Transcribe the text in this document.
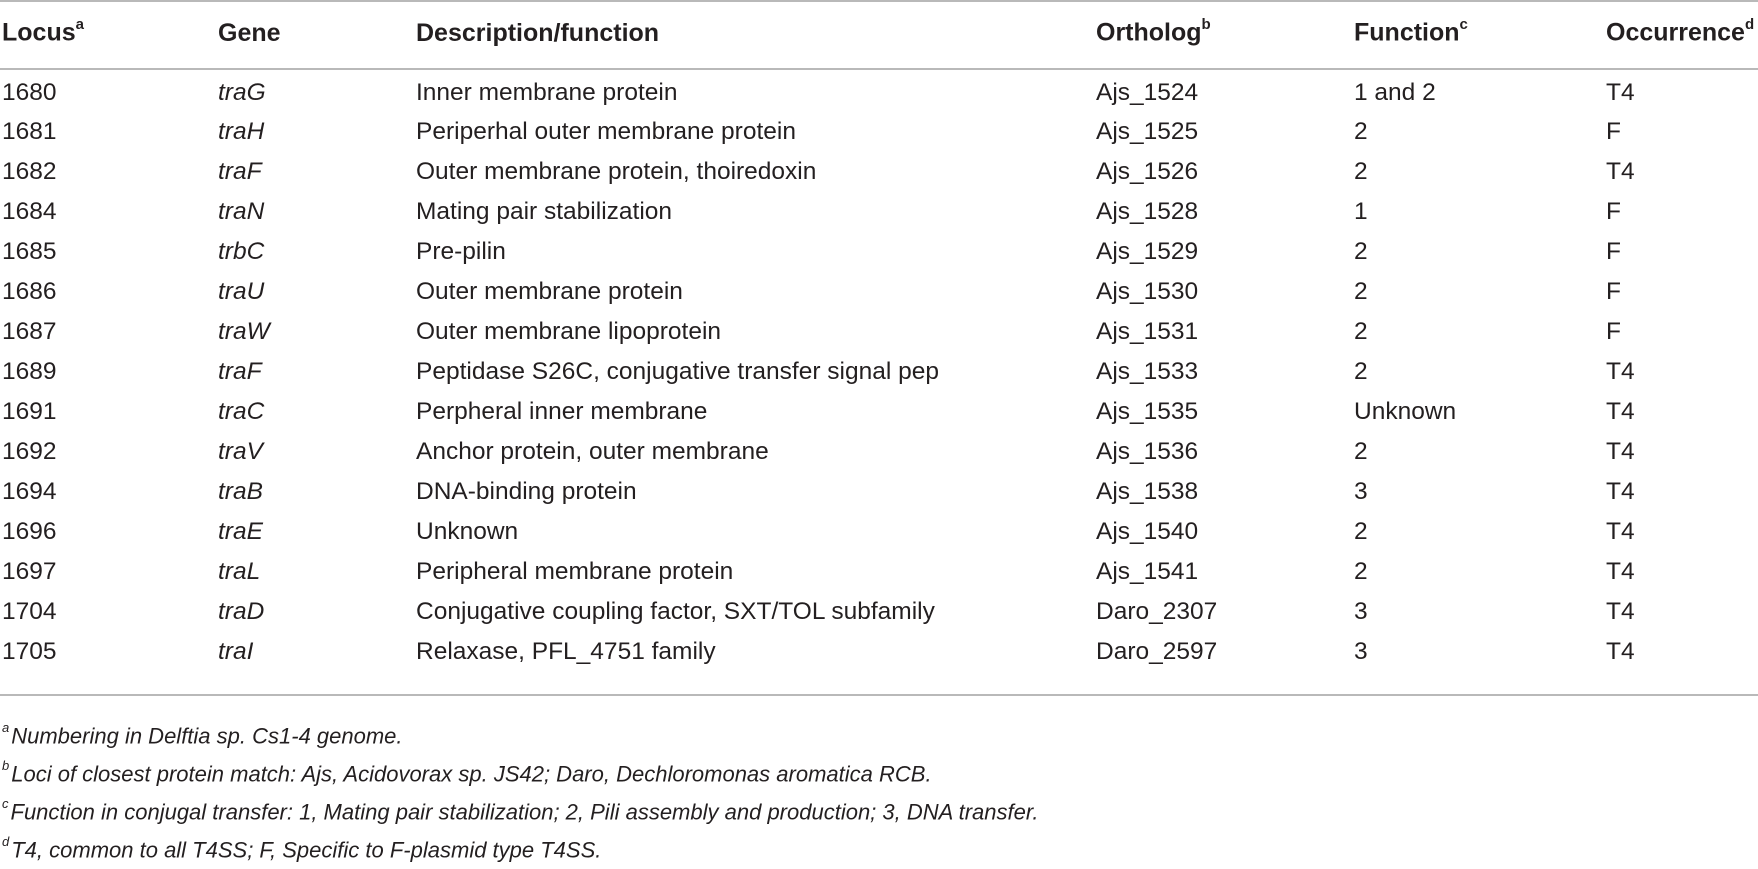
Locus$^a$	Gene	Description/function	Ortholog$^b$	Function$^c$	Occurrence$^d$
1680	traG	Inner membrane protein	Ajs_1524	1 and 2	T4
1681	traH	Periperhal outer membrane protein	Ajs_1525	2	F
1682	traF	Outer membrane protein, thoiredoxin	Ajs_1526	2	T4
1684	traN	Mating pair stabilization	Ajs_1528	1	F
1685	trbC	Pre-pilin	Ajs_1529	2	F
1686	traU	Outer membrane protein	Ajs_1530	2	F
1687	traW	Outer membrane lipoprotein	Ajs_1531	2	F
1689	traF	Peptidase S26C, conjugative transfer signal pep	Ajs_1533	2	T4
1691	traC	Perpheral inner membrane	Ajs_1535	Unknown	T4
1692	traV	Anchor protein, outer membrane	Ajs_1536	2	T4
1694	traB	DNA-binding protein	Ajs_1538	3	T4
1696	traE	Unknown	Ajs_1540	2	T4
1697	traL	Peripheral membrane protein	Ajs_1541	2	T4
1704	traD	Conjugative coupling factor, SXT/TOL subfamily	Daro_2307	3	T4
1705	traI	Relaxase, PFL_4751 family	Daro_2597	3	T4
$^a$Numbering in Delftia sp. Cs1-4 genome.
$^b$Loci of closest protein match: Ajs, Acidovorax sp. JS42; Daro, Dechloromonas aromatica RCB.
$^c$Function in conjugal transfer: 1, Mating pair stabilization; 2, Pili assembly and production; 3, DNA transfer.
$^d$T4, common to all T4SS; F, Specific to F-plasmid type T4SS.
